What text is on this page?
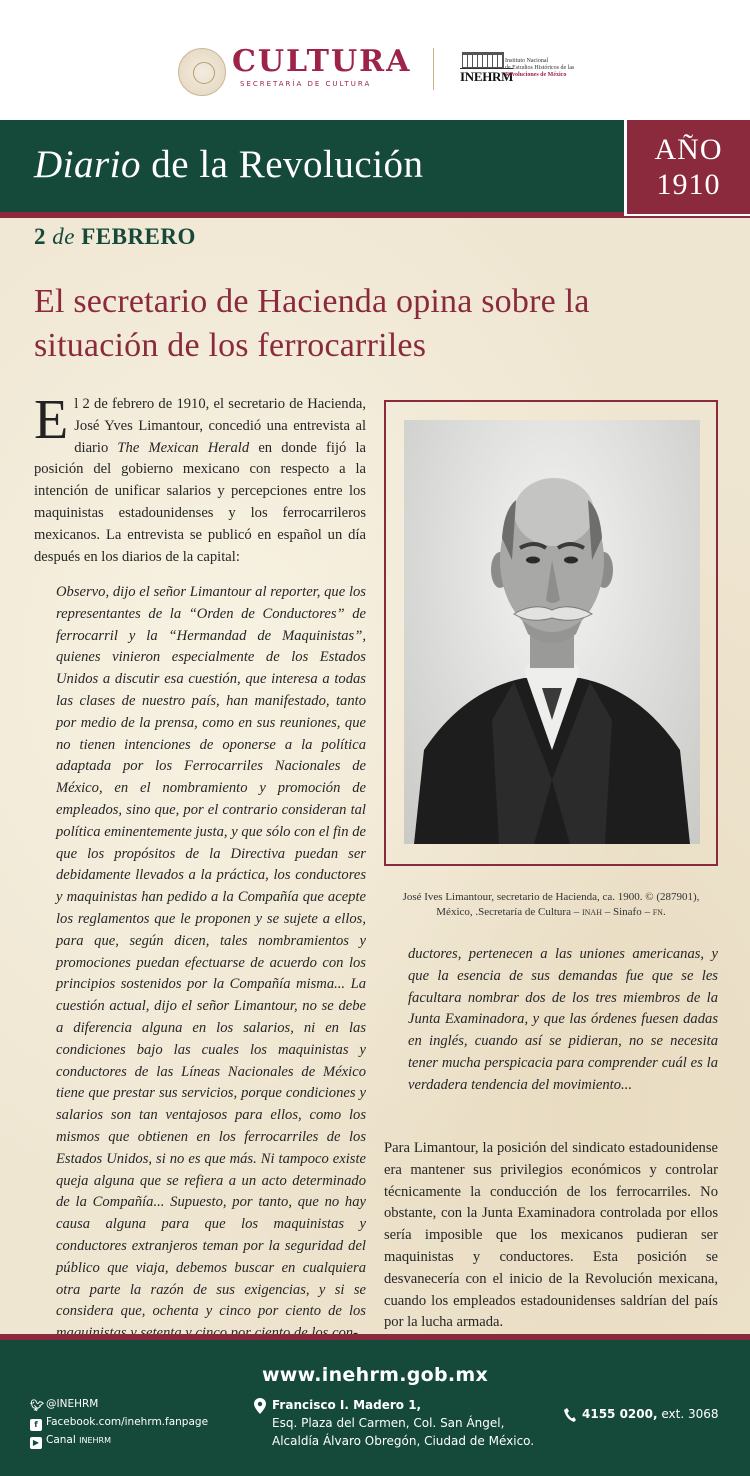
CULTURA
SECRETARÍA DE CULTURA	INEHRM
Instituto Nacional
de Estudios Históricos de las
Revoluciones de México
Diario de la Revolución	AÑO
1910
2 de FEBRERO
El secretario de Hacienda opina sobre la situación de los ferrocarriles
El 2 de febrero de 1910, el secretario de Hacienda, José Yves Limantour, concedió una entrevista al diario The Mexican Herald en donde fijó la posición del gobierno mexicano con respecto a la intención de unificar salarios y percepciones entre los maquinistas estadounidenses y los ferrocarrileros mexicanos. La entrevista se publicó en español un día después en los diarios de la capital:
Observo, dijo el señor Limantour al reporter, que los representantes de la “Orden de Conductores” de ferrocarril y la “Hermandad de Maquinistas”, quienes vinieron especialmente de los Estados Unidos a discutir esa cuestión, que interesa a todas las clases de nuestro país, han manifestado, tanto por medio de la prensa, como en sus reuniones, que no tienen intenciones de oponerse a la política adaptada por los Ferrocarriles Nacionales de México, en el nombramiento y promoción de empleados, sino que, por el contrario consideran tal política eminentemente justa, y que sólo con el fin de que los propósitos de la Directiva puedan ser debidamente llevados a la práctica, los conductores y maquinistas han pedido a la Compañía que acepte los reglamentos que le proponen y se sujete a ellos, para que, según dicen, tales nombramientos y promociones puedan efectuarse de acuerdo con los principios sostenidos por la Compañía misma... La cuestión actual, dijo el señor Limantour, no se debe a diferencia alguna en los salarios, ni en las condiciones bajo las cuales los maquinistas y conductores de las Líneas Nacionales de México tiene que prestar sus servicios, porque condiciones y salarios son tan ventajosos para ellos, como los mismos que obtienen en los ferrocarriles de los Estados Unidos, si no es que más. Ni tampoco existe queja alguna que se refiera a un acto determinado de la Compañía... Supuesto, por tanto, que no hay causa alguna para que los maquinistas y conductores extranjeros teman por la seguridad del público que viaja, debemos buscar en cualquiera otra parte la razón de sus exigencias, y si se considera que, ochenta y cinco por ciento de los
José Ives Limantour, secretario de Hacienda, ca. 1900. © (287901),
México, .Secretaría de Cultura – inah – Sinafo – fn.
ductores, pertenecen a las uniones americanas, y que la esencia de sus demandas fue que se les facultara nombrar dos de los tres miembros de la Junta Examinadora, y que las órdenes fuesen dadas en inglés, cuando así se pidieran, no se necesita tener mucha perspicacia para comprender cuál es la verdadera tendencia del movimiento...
Para Limantour, la posición del sindicato estadounidense era mantener sus privilegios económicos y controlar técnicamente la conducción de los ferrocarriles. No obstante, con la Junta Examinadora controlada por ellos sería imposible que los mexicanos pudieran ser maquinistas y conductores. Esta posición se desvanecería con el inicio de la Revolución mexicana, cuando los empleados estadounidenses saldrían del país por la lucha armada.
www.inehrm.gob.mx
Francisco I. Madero 1,
Esq. Plaza del Carmen, Col. San Ángel,
Alcaldía Álvaro Obregón, Ciudad de México.
4155 0200, ext. 3068
🐦︎ @INEHRM
f Facebook.com/inehrm.fanpage
▶ Canal INEHRM
